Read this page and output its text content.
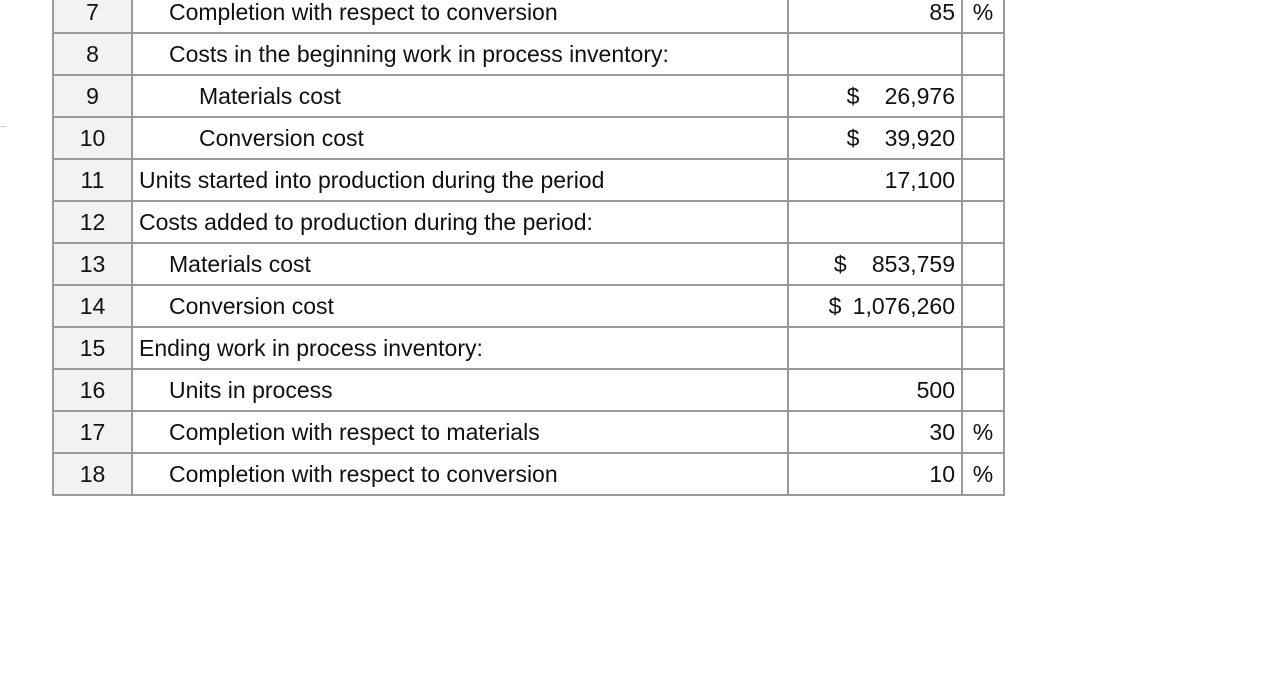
7	Completion with respect to conversion	85	%
8	Costs in the beginning work in process inventory:		
9	Materials cost	$ 26,976	
10	Conversion cost	$ 39,920	
11	Units started into production during the period	17,100	
12	Costs added to production during the period:		
13	Materials cost	$ 853,759	
14	Conversion cost	$ 1,076,260	
15	Ending work in process inventory:		
16	Units in process	500	
17	Completion with respect to materials	30	%
18	Completion with respect to conversion	10	%
